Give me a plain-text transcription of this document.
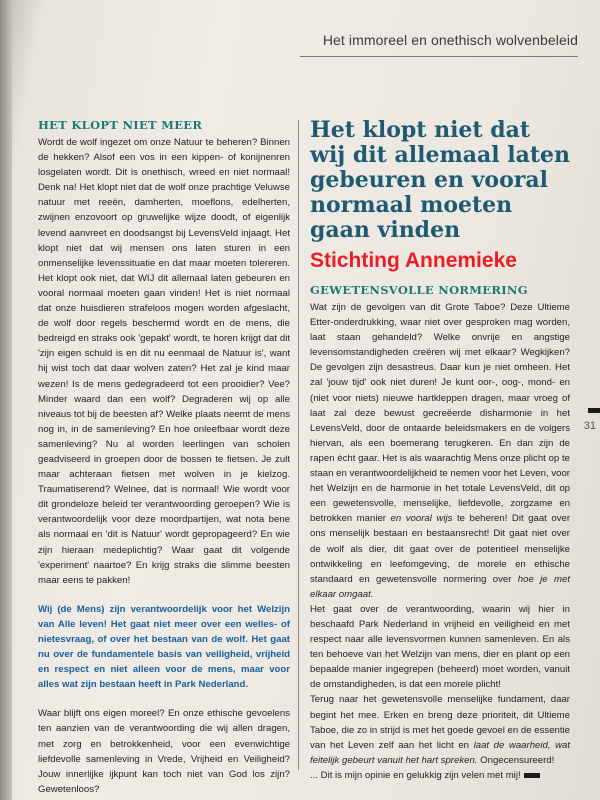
Het immoreel en onethisch wolvenbeleid
HET KLOPT NIET MEER

Wordt de wolf ingezet om onze Natuur te beheren? Binnen de hekken? Alsof een vos in een kippen- of konijnenren losgelaten wordt. Dit is onethisch, wreed en niet normaal! Denk na! Het klopt niet dat de wolf onze prachtige Veluwse natuur met reeën, damherten, moeflons, edelherten, zwijnen enzovoort op gruwelijke wijze doodt, of eigenlijk levend aanvreet en doodsangst bij LevensVeld injaagt. Het klopt niet dat wij mensen ons laten sturen in een onmenselijke levenssituatie en dat maar moeten tolereren. Het klopt ook niet, dat WIJ dit allemaal laten gebeuren en vooral normaal moeten gaan vinden! Het is niet normaal dat onze huisdieren strafeloos mogen worden afgeslacht, de wolf door regels beschermd wordt en de mens, die bedreigd en straks ook 'gepakt' wordt, te horen krijgt dat dit 'zijn eigen schuld is en dit nu eenmaal de Natuur is', want hij wist toch dat daar wolven zaten? Het zal je kind maar wezen! Is de mens gedegradeerd tot een prooidier? Vee? Minder waard dan een wolf? Degraderen wij op alle niveaus tot bij de beesten af? Welke plaats neemt de mens nog in, in de samenleving? En hoe onleefbaar wordt deze samenleving? Nu al worden leerlingen van scholen geadviseerd in groepen door de bossen te fietsen. Je zult maar achteraan fietsen met wolven in je kielzog. Traumatiserend? Welnee, dat is normaal! Wie wordt voor dit grondeloze beleid ter verantwoording geroepen? Wie is verantwoordelijk voor deze moordpartijen, wat nota bene als normaal en 'dit is Natuur' wordt gepropageerd? En wie zijn hieraan medeplichtig? Waar gaat dit volgende 'experiment' naartoe? En krijg straks die slimme beesten maar eens te pakken!

Wij (de Mens) zijn verantwoordelijk voor het Welzijn van Alle leven! Het gaat niet meer over een welles- of nietesvraag, of over het bestaan van de wolf. Het gaat nu over de fundamentele basis van veiligheid, vrijheid en respect en niet alleen voor de mens, maar voor alles wat zijn bestaan heeft in Park Nederland.

Waar blijft ons eigen moreel? En onze ethische gevoelens ten aanzien van de verantwoording die wij allen dragen, met zorg en betrokkenheid, voor een evenwichtige liefdevolle samenleving in Vrede, Vrijheid en Veiligheid? Jouw innerlijke ijkpunt kan toch niet van God los zijn? Gewetenloos?

Het klopt niet dat wij dit allemaal laten gebeuren en vooral normaal moeten gaan vinden
Stichting Annemieke
GEWETENSVOLLE NORMERING

Wat zijn de gevolgen van dit Grote Taboe? Deze Ultieme Etter-onderdrukking, waar niet over gesproken mag worden, laat staan gehandeld? Welke onvrije en angstige levensomstandigheden creëren wij met elkaar? Wegkijken? De gevolgen zijn desastreus. Daar kun je niet omheen. Het zal 'jouw tijd' ook niet duren! Je kunt oor-, oog-, mond- en (niet voor niets) nieuwe hartkleppen dragen, maar vroeg of laat zal deze bewust gecreëerde disharmonie in het LevensVeld, door de ontaarde beleidsmakers en de volgers hiervan, als een boemerang terugkeren. En dan zijn de rapen écht gaar. Het is als waarachtig Mens onze plicht op te staan en verantwoordelijkheid te nemen voor het Leven, voor het Welzijn en de harmonie in het totale LevensVeld, dit op een gewetensvolle, menselijke, liefdevolle, zorgzame en betrokken manier en vooral wijs te beheren! Dit gaat over ons menselijk bestaan en bestaansrecht! Dit gaat niet over de wolf als dier, dit gaat over de potentieel menselijke ontwikkeling en leefomgeving, de morele en ethische standaard en gewetensvolle normering over hoe je met elkaar omgaat.

Het gaat over de verantwoording, waarin wij hier in beschaafd Park Nederland in vrijheid en veiligheid en met respect naar alle levensvormen kunnen samenleven. En als ten behoeve van het Welzijn van mens, dier en plant op een bepaalde manier ingegrepen (beheerd) moet worden, vanuit de omstandigheden, is dat een morele plicht!

Terug naar het gewetensvolle menselijke fundament, daar begint het mee. Erken en breng deze prioriteit, dit Ultieme Taboe, die zo in strijd is met het goede gevoel en de essentie van het Leven zelf aan het licht en laat de waarheid, wat feitelijk gebeurt vanuit het hart spreken. Ongecensureerd!
... Dit is mijn opinie en gelukkig zijn velen met mij!

31
